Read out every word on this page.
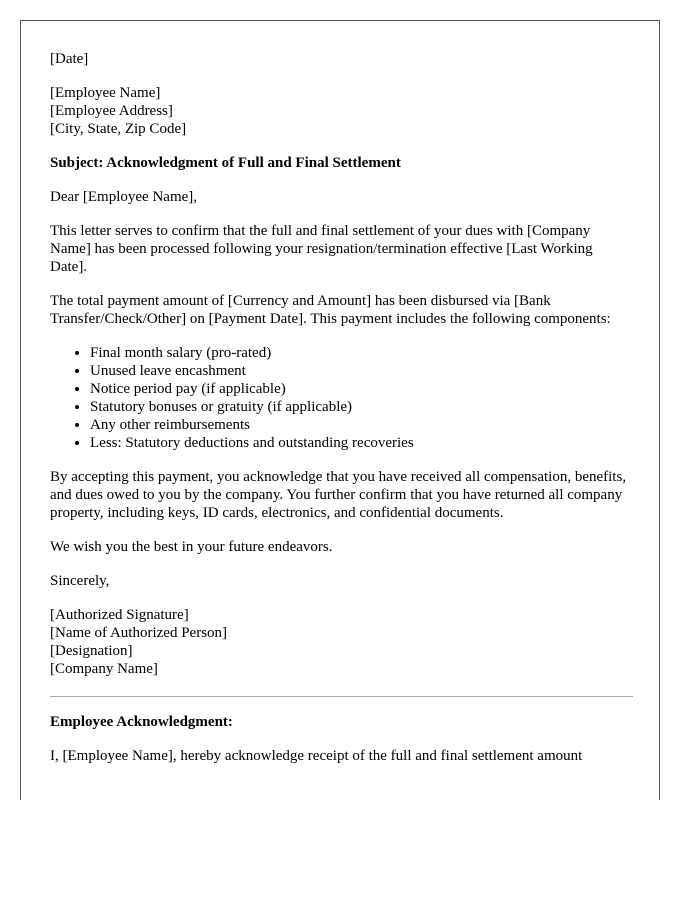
[Date]
[Employee Name]
[Employee Address]
[City, State, Zip Code]

Subject: Acknowledgment of Full and Final Settlement

Dear [Employee Name],

This letter serves to confirm that the full and final settlement of your dues with [Company Name] has been processed following your resignation/termination effective [Last Working Date].

The total payment amount of [Currency and Amount] has been disbursed via [Bank Transfer/Check/Other] on [Payment Date]. This payment includes the following components:

• Final month salary (pro-rated)
• Unused leave encashment
• Notice period pay (if applicable)
• Statutory bonuses or gratuity (if applicable)
• Any other reimbursements
• Less: Statutory deductions and outstanding recoveries

By accepting this payment, you acknowledge that you have received all compensation, benefits, and dues owed to you by the company. You further confirm that you have returned all company property, including keys, ID cards, electronics, and confidential documents.

We wish you the best in your future endeavors.

Sincerely,

[Authorized Signature]
[Name of Authorized Person]
[Designation]
[Company Name]

Employee Acknowledgment:

I, [Employee Name], hereby acknowledge receipt of the full and final settlement amount
